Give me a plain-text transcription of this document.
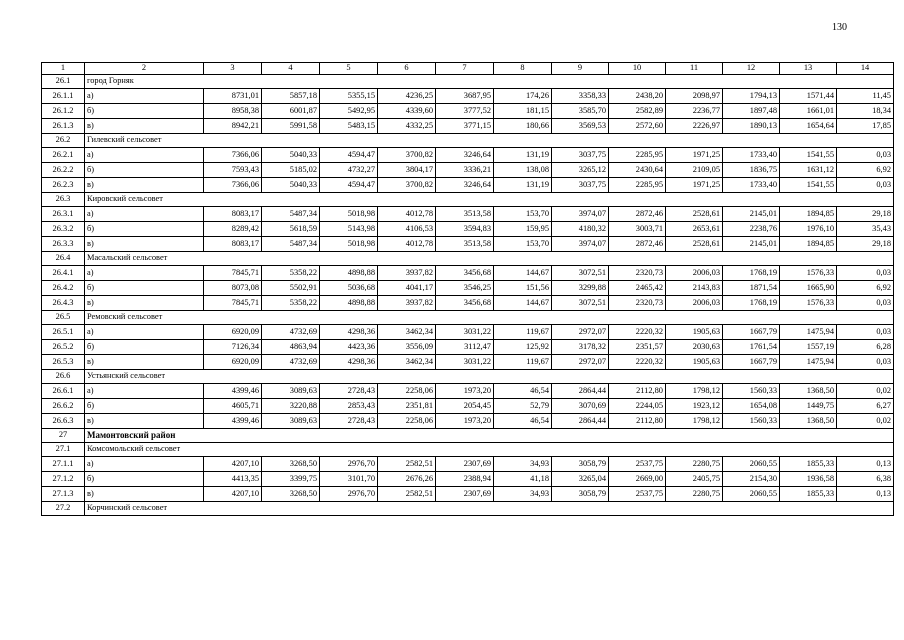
130
1	2	3	4	5	6	7	8	9	10	11	12	13	14
26.1	город Горняк												
26.1.1	а)	8731,01	5857,18	5355,15	4236,25	3687,95	174,26	3358,33	2438,20	2098,97	1794,13	1571,44	11,45
26.1.2	б)	8958,38	6001,87	5492,95	4339,60	3777,52	181,15	3585,70	2582,89	2236,77	1897,48	1661,01	18,34
26.1.3	в)	8942,21	5991,58	5483,15	4332,25	3771,15	180,66	3569,53	2572,60	2226,97	1890,13	1654,64	17,85
26.2	Гилевский сельсовет												
26.2.1	а)	7366,06	5040,33	4594,47	3700,82	3246,64	131,19	3037,75	2285,95	1971,25	1733,40	1541,55	0,03
26.2.2	б)	7593,43	5185,02	4732,27	3804,17	3336,21	138,08	3265,12	2430,64	2109,05	1836,75	1631,12	6,92
26.2.3	в)	7366,06	5040,33	4594,47	3700,82	3246,64	131,19	3037,75	2285,95	1971,25	1733,40	1541,55	0,03
26.3	Кировский сельсовет												
26.3.1	а)	8083,17	5487,34	5018,98	4012,78	3513,58	153,70	3974,07	2872,46	2528,61	2145,01	1894,85	29,18
26.3.2	б)	8289,42	5618,59	5143,98	4106,53	3594,83	159,95	4180,32	3003,71	2653,61	2238,76	1976,10	35,43
26.3.3	в)	8083,17	5487,34	5018,98	4012,78	3513,58	153,70	3974,07	2872,46	2528,61	2145,01	1894,85	29,18
26.4	Масальский сельсовет												
26.4.1	а)	7845,71	5358,22	4898,88	3937,82	3456,68	144,67	3072,51	2320,73	2006,03	1768,19	1576,33	0,03
26.4.2	б)	8073,08	5502,91	5036,68	4041,17	3546,25	151,56	3299,88	2465,42	2143,83	1871,54	1665,90	6,92
26.4.3	в)	7845,71	5358,22	4898,88	3937,82	3456,68	144,67	3072,51	2320,73	2006,03	1768,19	1576,33	0,03
26.5	Ремовский сельсовет												
26.5.1	а)	6920,09	4732,69	4298,36	3462,34	3031,22	119,67	2972,07	2220,32	1905,63	1667,79	1475,94	0,03
26.5.2	б)	7126,34	4863,94	4423,36	3556,09	3112,47	125,92	3178,32	2351,57	2030,63	1761,54	1557,19	6,28
26.5.3	в)	6920,09	4732,69	4298,36	3462,34	3031,22	119,67	2972,07	2220,32	1905,63	1667,79	1475,94	0,03
26.6	Устьянский сельсовет												
26.6.1	а)	4399,46	3089,63	2728,43	2258,06	1973,20	46,54	2864,44	2112,80	1798,12	1560,33	1368,50	0,02
26.6.2	б)	4605,71	3220,88	2853,43	2351,81	2054,45	52,79	3070,69	2244,05	1923,12	1654,08	1449,75	6,27
26.6.3	в)	4399,46	3089,63	2728,43	2258,06	1973,20	46,54	2864,44	2112,80	1798,12	1560,33	1368,50	0,02
27	Мамонтовский район												
27.1	Комсомольский сельсовет												
27.1.1	а)	4207,10	3268,50	2976,70	2582,51	2307,69	34,93	3058,79	2537,75	2280,75	2060,55	1855,33	0,13
27.1.2	б)	4413,35	3399,75	3101,70	2676,26	2388,94	41,18	3265,04	2669,00	2405,75	2154,30	1936,58	6,38
27.1.3	в)	4207,10	3268,50	2976,70	2582,51	2307,69	34,93	3058,79	2537,75	2280,75	2060,55	1855,33	0,13
27.2	Корчинский сельсовет												
